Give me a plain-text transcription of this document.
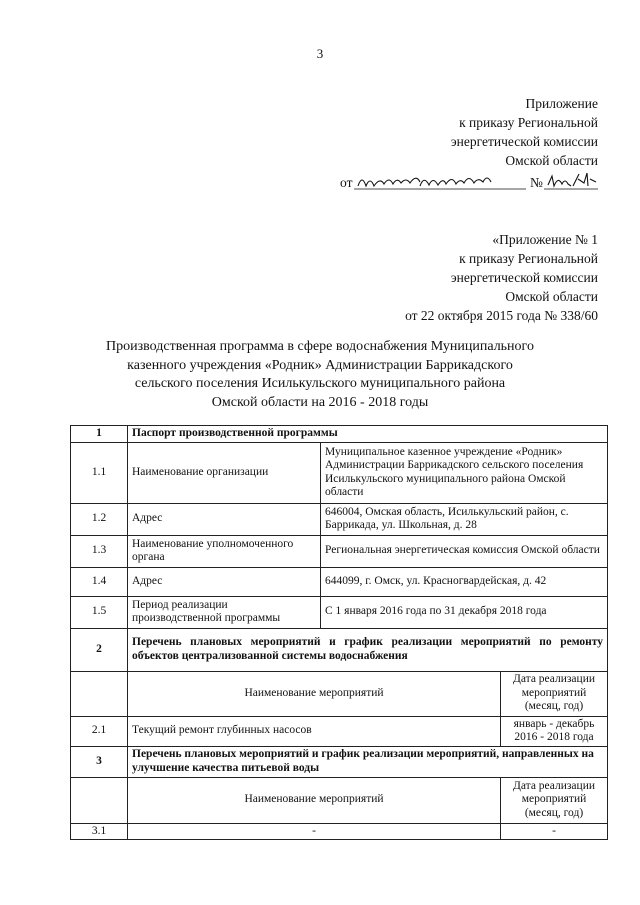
3
Приложение
к приказу Региональной
энергетической комиссии
Омской области
от	№
«Приложение № 1
к приказу Региональной
энергетической комиссии
Омской области
от 22 октября 2015 года № 338/60
Производственная программа в сфере водоснабжения Муниципального
казенного учреждения «Родник» Администрации Баррикадского
сельского поселения Исилькульского муниципального района
Омской области на 2016 - 2018 годы
1	Паспорт производственной программы		
1.1	Наименование организации	Муниципальное казенное учреждение «Родник» Администрации Баррикадского сельского поселения Исилькульского муниципального района Омской области	
1.2	Адрес	646004, Омская область, Исилькульский район, с. Баррикада, ул. Школьная, д. 28	
1.3	Наименование уполномоченного органа	Региональная энергетическая комиссия Омской области	
1.4	Адрес	644099, г. Омск, ул. Красногвардейская, д. 42	
1.5	Период реализации производственной программы	С 1 января 2016 года по 31 декабря 2018 года	
2	Перечень плановых мероприятий и график реализации мероприятий по ремонту объектов централизованной системы водоснабжения		
	Наименование мероприятий		Дата реализации мероприятий (месяц, год)
2.1	Текущий ремонт глубинных насосов		январь - декабрь 2016 - 2018 года
3	Перечень плановых мероприятий и график реализации мероприятий, направленных на улучшение качества питьевой воды		
	Наименование мероприятий		Дата реализации мероприятий (месяц, год)
3.1	-		-
